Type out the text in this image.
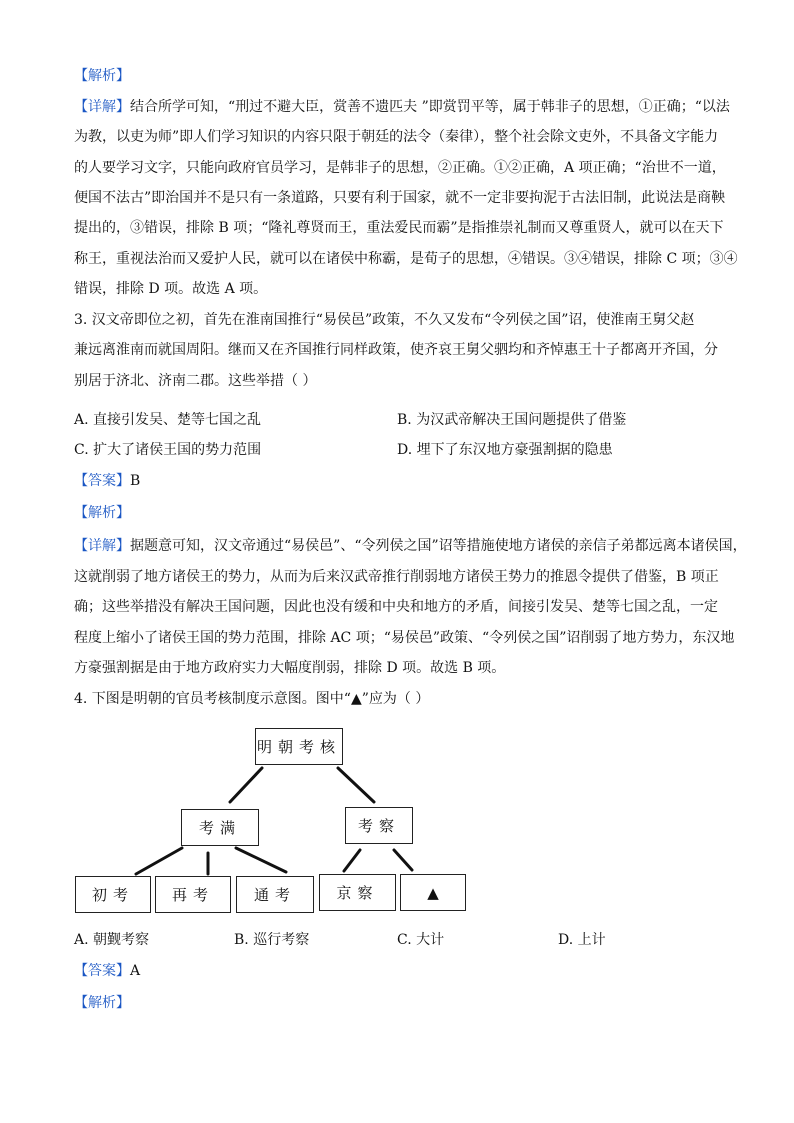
【解析】
【详解】结合所学可知，“刑过不避大臣，赏善不遗匹夫 ”即赏罚平等，属于韩非子的思想，①正确；“以法
为教，以吏为师”即人们学习知识的内容只限于朝廷的法令（秦律），整个社会除文吏外，不具备文字能力
的人要学习文字，只能向政府官员学习，是韩非子的思想，②正确。①②正确，A 项正确；“治世不一道，
便国不法古”即治国并不是只有一条道路，只要有利于国家，就不一定非要拘泥于古法旧制，此说法是商鞅
提出的，③错误，排除 B 项；“隆礼尊贤而王，重法爱民而霸”是指推崇礼制而又尊重贤人，就可以在天下
称王，重视法治而又爱护人民，就可以在诸侯中称霸，是荀子的思想，④错误。③④错误，排除 C 项；③④
错误，排除 D 项。故选 A 项。
3. 汉文帝即位之初，首先在淮南国推行“易侯邑”政策，不久又发布“令列侯之国”诏，使淮南王舅父赵
兼远离淮南而就国周阳。继而又在齐国推行同样政策，使齐哀王舅父驷均和齐悼惠王十子都离开齐国，分
别居于济北、济南二郡。这些举措（ ）
A. 直接引发吴、楚等七国之乱	B. 为汉武帝解决王国问题提供了借鉴
C. 扩大了诸侯王国的势力范围	D. 埋下了东汉地方豪强割据的隐患
【答案】B
【解析】
【详解】据题意可知，汉文帝通过“易侯邑”、“令列侯之国”诏等措施使地方诸侯的亲信子弟都远离本诸侯国，
这就削弱了地方诸侯王的势力，从而为后来汉武帝推行削弱地方诸侯王势力的推恩令提供了借鉴，B 项正
确；这些举措没有解决王国问题，因此也没有缓和中央和地方的矛盾，间接引发吴、楚等七国之乱，一定
程度上缩小了诸侯王国的势力范围，排除 AC 项；“易侯邑”政策、“令列侯之国”诏削弱了地方势力，东汉地
方豪强割据是由于地方政府实力大幅度削弱，排除 D 项。故选 B 项。
4. 下图是明朝的官员考核制度示意图。图中“▲”应为（ ）
明朝考核
考满	考察
初考	再考	通考	京察	▲
A. 朝觐考察	B. 巡行考察	C. 大计	D. 上计
【答案】A
【解析】
